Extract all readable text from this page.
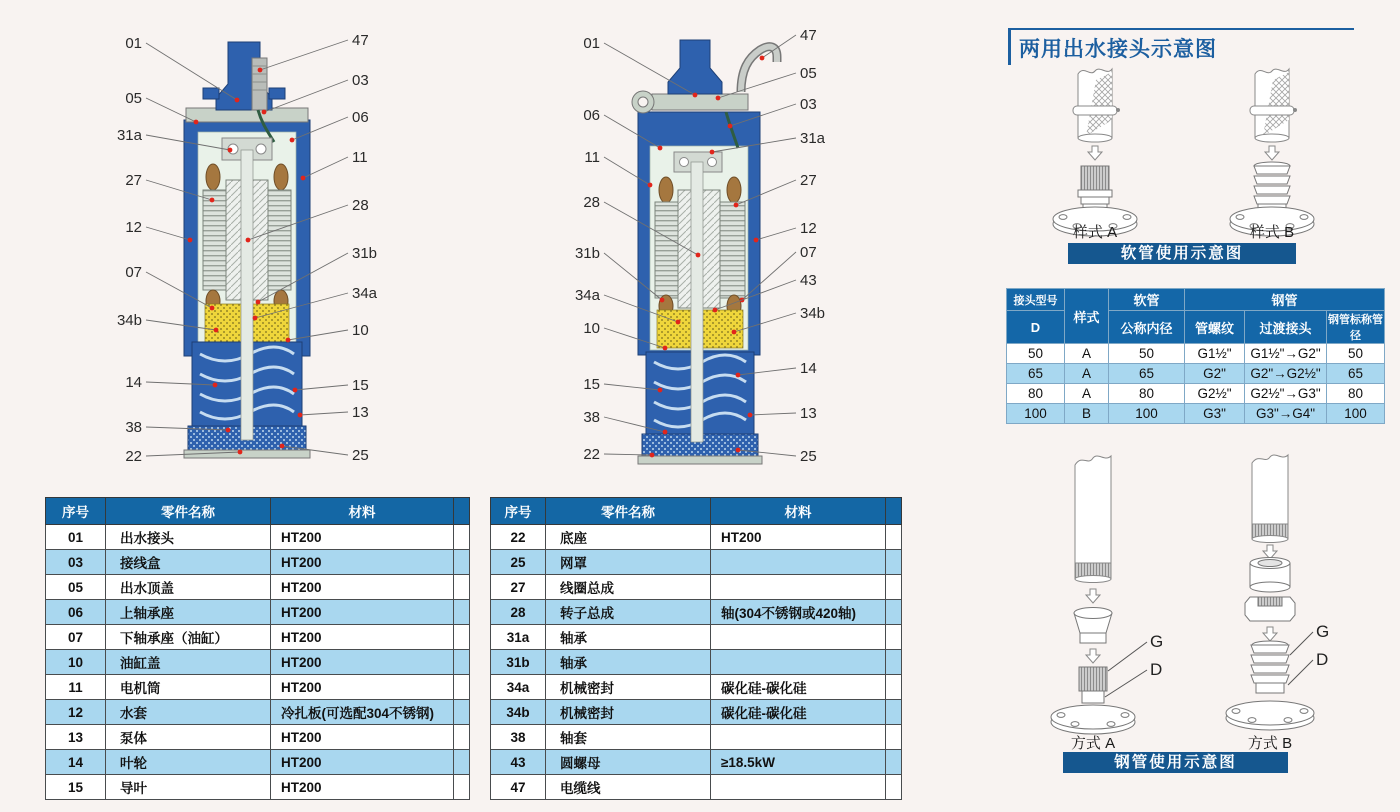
01
05
31a
27
12
07
34b
14
38
22
47
03
06
11
28
31b
34a
10
15
13
25
01
06
11
28
31b
34a
10
15
38
22
47
05
03
31a
27
12
07
43
34b
14
13
25
序号	零件名称	材料	
01	出水接头	HT200	
03	接线盒	HT200	
05	出水顶盖	HT200	
06	上轴承座	HT200	
07	下轴承座（油缸）	HT200	
10	油缸盖	HT200	
11	电机筒	HT200	
12	水套	冷扎板(可选配304不锈钢)	
13	泵体	HT200	
14	叶轮	HT200	
15	导叶	HT200	
序号	零件名称	材料	
22	底座	HT200	
25	网罩		
27	线圈总成		
28	转子总成	轴(304不锈钢或420轴)	
31a	轴承		
31b	轴承		
34a	机械密封	碳化硅-碳化硅	
34b	机械密封	碳化硅-碳化硅	
38	轴套		
43	圆螺母	≥18.5kW	
47	电缆线		
两用出水接头示意图
样式 A	样式 B
软管使用示意图
接头型号	样式	软管	钢管		
D		公称内径	管螺纹	过渡接头	钢管标称管径
50	A	50	G1½"	G1½"→G2"	50
65	A	65	G2"	G2"→G2½"	65
80	A	80	G2½"	G2½"→G3"	80
100	B	100	G3"	G3"→G4"	100
G
D
G
D
方式 A	方式 B
钢管使用示意图
